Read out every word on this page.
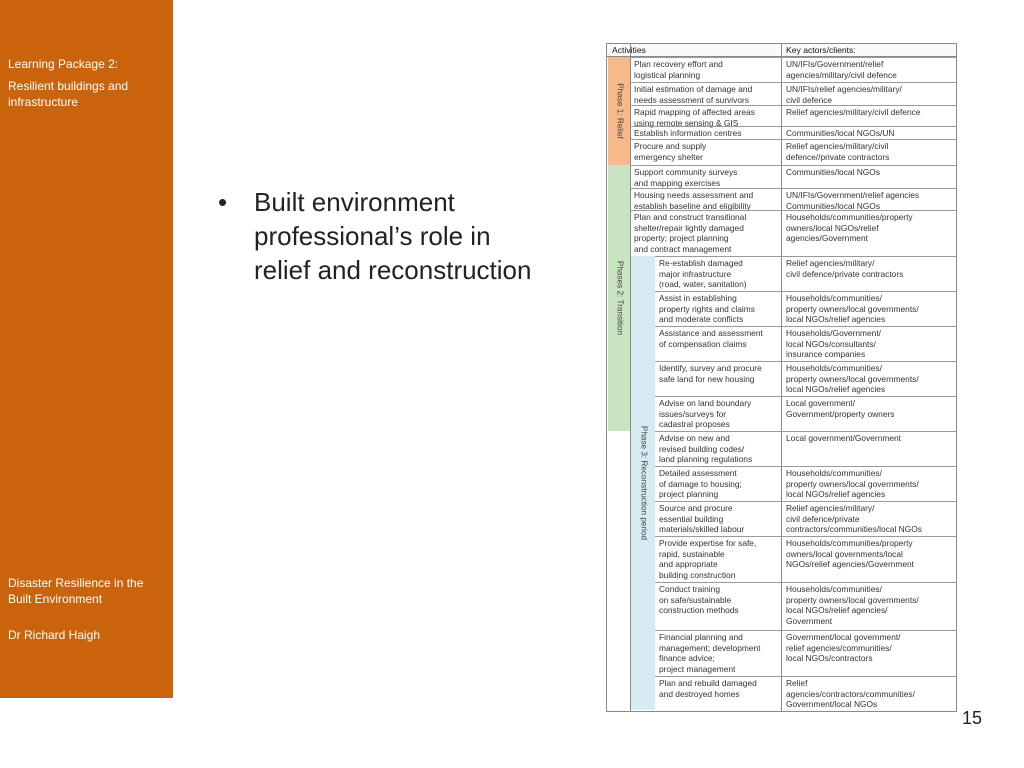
Learning Package 2:
Resilient buildings and infrastructure
Disaster Resilience in the Built Environment
Dr Richard Haigh
• Built environment professional’s role in relief and reconstruction
Activities	Key actors/clients:
Phase 1: Relief
Phases 2: Transition
Phase 3: Reconstruction period
Plan recovery effort and
logistical planning
UN/IFIs/Government/relief
agencies/military/civil defence
Initial estimation of damage and
needs assessment of survivors
UN/IFIs/relief agencies/military/
civil defence
Rapid mapping of affected areas
using remote sensing & GIS
Relief agencies/military/civil defence
Establish information centres	Communities/local NGOs/UN
Procure and supply
emergency shelter
Relief agencies/military/civil
defence//private contractors
Support community surveys
and mapping exercises
Communities/local NGOs
Housing needs assessment and
establish baseline and eligibility
UN/IFIs/Government/relief agencies
Communities/local NGOs
Plan and construct transitional
shelter/repair lightly damaged
property; project planning
and contract management
Households/communities/property
owners/local NGOs/relief
agencies/Government
Re-establish damaged
major infrastructure
(road, water, sanitation)
Relief agencies/military/
civil defence/private contractors
Assist in establishing
property rights and claims
and moderate conflicts
Households/communities/
property owners/local governments/
local NGOs/relief agencies
Assistance and assessment
of compensation claims
Households/Government/
local NGOs/consultants/
insurance companies
Identify, survey and procure
safe land for new housing
Households/communities/
property owners/local governments/
local NGOs/relief agencies
Advise on land boundary
issues/surveys for
cadastral proposes
Local government/
Government/property owners
Advise on new and
revised building codes/
land planning regulations
Local government/Government
Detailed assessment
of damage to housing;
project planning
Households/communities/
property owners/local governments/
local NGOs/relief agencies
Source and procure
essential building
materials/skilled labour
Relief agencies/military/
civil defence/private
contractors/communities/local NGOs
Provide expertise for safe,
rapid, sustainable
and appropriate
building construction
Households/communities/property
owners/local governments/local
NGOs/relief agencies/Government
Conduct training
on safe/sustainable
construction methods
Households/communities/
property owners/local governments/
local NGOs/relief agencies/
Government
Financial planning and
management; development
finance advice;
project management
Government/local government/
relief agencies/communities/
local NGOs/contractors
Plan and rebuild damaged
and destroyed homes
Relief
agencies/contractors/communities/
Government/local NGOs
15
